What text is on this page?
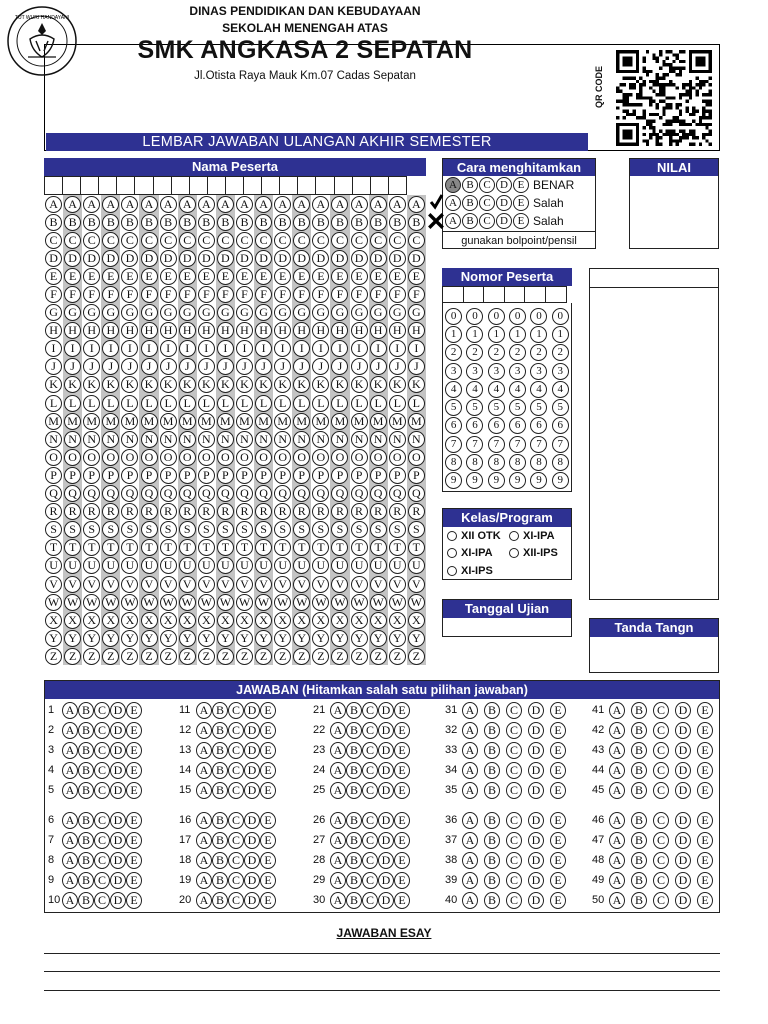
TUT WURI HANDAYANI	DINAS PENDIDIKAN DAN KEBUDAYAAN
SEKOLAH MENENGAH ATAS
SMK ANGKASA 2 SEPATAN
Jl.Otista Raya Mauk Km.07 Cadas Sepatan
LEMBAR JAWABAN ULANGAN AKHIR SEMESTER
QR CODE
Nama Peserta
A A A A A A A A A A A A A A A A A A A A
B B B B B B B B B B B B B B B B B B B B
C C C C C C C C C C C C C C C C C C C C
D D D D D D D D D D D D D D D D D D D D
E E E E E E E E E E E E E E E E E E E E
F	F	F	F	F	F	F	F	F	F	F	F	F	F	F	F	F	F	F	F
G G G G G G G G G G G G G G G G G G G G
H H H H H H H H H H H H H H H H H H H H
I	I	I	I	I	I	I	I	I	I	I	I	I	I	I	I	I	I	I	I
J	J	J	J	J	J	J	J	J	J	J	J	J	J	J	J	J	J	J	J
K K K K K K K K K K K K K K K K K K K K
L L L L L L L L L L L L L L L L L L L L
M M M M M M M M M M M M M M M M M M M M
N N N N N N N N N N N N N N N N N N N N
O O O O O O O O O O O O O O O O O O O O
P	P	P	P	P	P	P	P	P	P	P	P	P	P	P	P	P	P	P	P
Q Q Q Q Q Q Q Q Q Q Q Q Q Q Q Q Q Q Q Q
R R R R R R R R R R R R R R R R R R R R
S	S	S	S	S	S	S	S	S	S	S	S	S	S	S	S	S	S	S	S
T T T T T T T T T T T T T T T T T T T T
U U U U U U U U U U U U U U U U U U U U
V V V V V V V V V V V V V V V V V V V V
W W W W W W W W W W W W W W W W W W W W
X X X X X X X X X X X X X X X X X X X X
Y Y Y Y Y Y Y Y Y Y Y Y Y Y Y Y Y Y Y Y
Z Z Z Z Z Z Z Z Z Z Z Z Z Z Z Z Z Z Z Z
Cara menghitamkan
A B C D E BENAR
A B C D E Salah
A B C D E Salah
gunakan bolpoint/pensil
NILAI
Nomor Peserta
0	0	0	0	0	0
1	1	1	1	1	1
2	2	2	2	2	2
3	3	3	3	3	3
4	4	4	4	4	4
5	5	5	5	5	5
6	6	6	6	6	6
7	7	7	7	7	7
8	8	8	8	8	8
9	9	9	9	9	9
Kelas/Program
XII OTK XI-IPA
XI-IPA	XII-IPS
XI-IPS
Tanggal Ujian
Tanda Tangn
JAWABAN (Hitamkan salah satu pilihan jawaban)
1 A B C D E
2 A B C D E
3 A B C D E
4 A B C D E
5 A B C D E
6 A B C D E
7 A B C D E
8 A B C D E
9 A B C D E
10 A B C D E
11 A B C D E
12 A B C D E
13 A B C D E
14 A B C D E
15 A B C D E
16 A B C D E
17 A B C D E
18 A B C D E
19 A B C D E
20 A B C D E
21 A B C D E
22 A B C D E
23 A B C D E
24 A B C D E
25 A B C D E
26 A B C D E
27 A B C D E
28 A B C D E
29 A B C D E
30 A B C D E
31 A	B	C	D	E
32 A	B	C	D	E
33 A	B	C	D	E
34 A	B	C	D	E
35 A	B	C	D	E
36 A	B	C	D	E
37 A	B	C	D	E
38 A	B	C	D	E
39 A	B	C	D	E
40 A	B	C	D	E
41 A	B	C	D	E
42 A	B	C	D	E
43 A	B	C	D	E
44 A	B	C	D	E
45 A	B	C	D	E
46 A	B	C	D	E
47 A	B	C	D	E
48 A	B	C	D	E
49 A	B	C	D	E
50 A	B	C	D	E
JAWABAN ESAY
